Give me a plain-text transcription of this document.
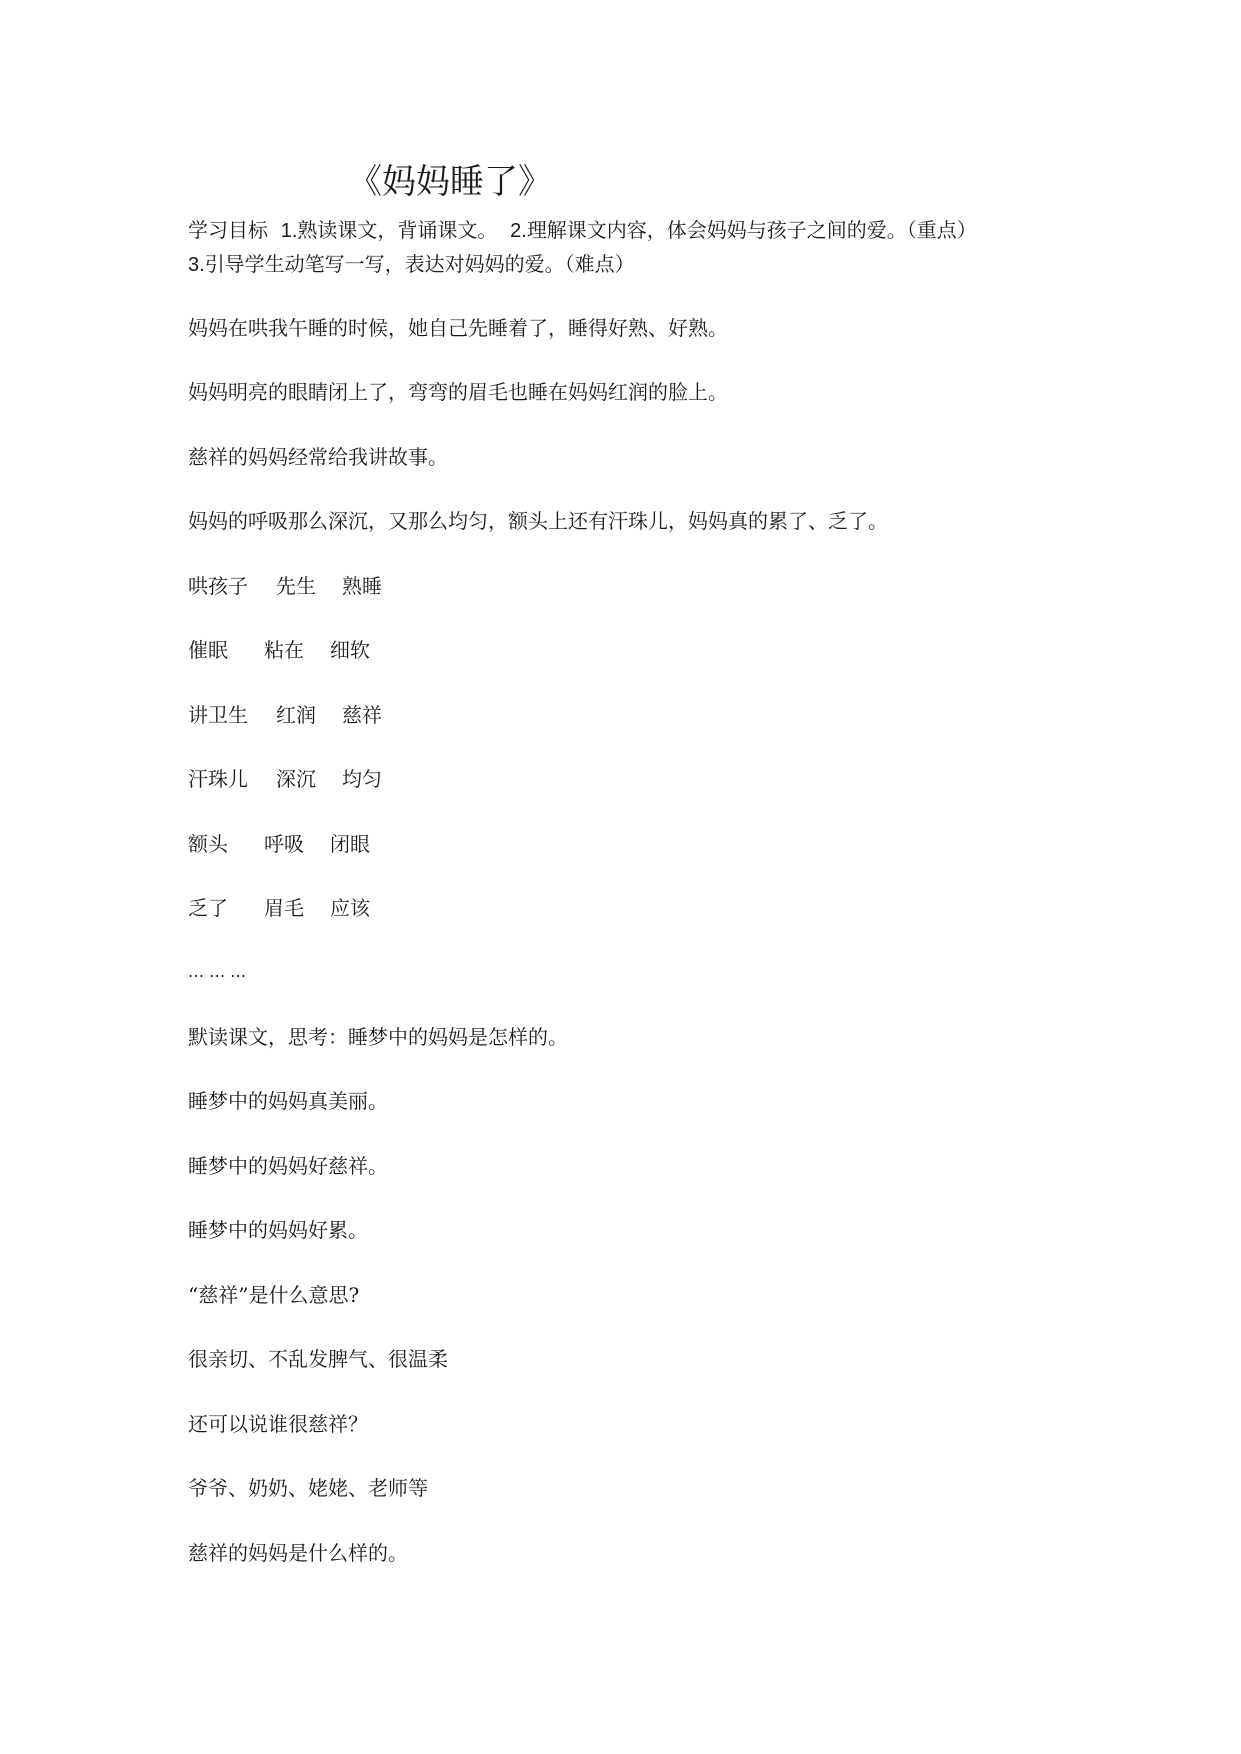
《妈妈睡了》
学习目标 1.熟读课文，背诵课文。 2.理解课文内容，体会妈妈与孩子之间的爱。（重点）
3.引导学生动笔写一写，表达对妈妈的爱。（难点）
妈妈在哄我午睡的时候，她自己先睡着了，睡得好熟、好熟。
妈妈明亮的眼睛闭上了，弯弯的眉毛也睡在妈妈红润的脸上。
慈祥的妈妈经常给我讲故事。
妈妈的呼吸那么深沉，又那么均匀，额头上还有汗珠儿，妈妈真的累了、乏了。
哄孩子 先生 熟睡
催眠 粘在 细软
讲卫生 红润 慈祥
汗珠儿 深沉 均匀
额头 呼吸 闭眼
乏了 眉毛 应该
… … …
默读课文，思考：睡梦中的妈妈是怎样的。
睡梦中的妈妈真美丽。
睡梦中的妈妈好慈祥。
睡梦中的妈妈好累。
“慈祥”是什么意思?
很亲切、不乱发脾气、很温柔
还可以说谁很慈祥？
爷爷、奶奶、姥姥、老师等
慈祥的妈妈是什么样的。
